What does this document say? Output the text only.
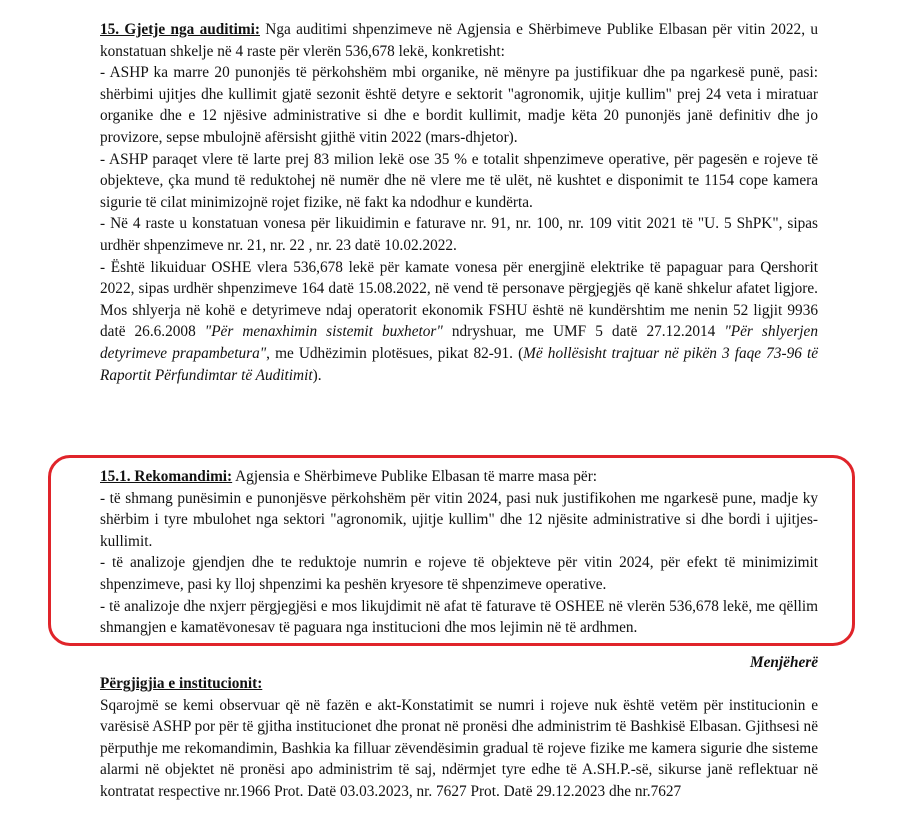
15. Gjetje nga auditimi: Nga auditimi shpenzimeve në Agjensia e Shërbimeve Publike Elbasan për vitin 2022, u konstatuan shkelje në 4 raste për vlerën 536,678 lekë, konkretisht:

- ASHP ka marre 20 punonjës të përkohshëm mbi organike, në mënyre pa justifikuar dhe pa ngarkesë punë, pasi: shërbimi ujitjes dhe kullimit gjatë sezonit është detyre e sektorit "agronomik, ujitje kullim" prej 24 veta i miratuar organike dhe e 12 njësive administrative si dhe e bordit kullimit, madje këta 20 punonjës janë definitiv dhe jo provizore, sepse mbulojnë afërsisht gjithë vitin 2022 (mars-dhjetor).

- ASHP paraqet vlere të larte prej 83 milion lekë ose 35 % e totalit shpenzimeve operative, për pagesën e rojeve të objekteve, çka mund të reduktohej në numër dhe në vlere me të ulët, në kushtet e disponimit te 1154 cope kamera sigurie të cilat minimizojnë rojet fizike, në fakt ka ndodhur e kundërta.

- Në 4 raste u konstatuan vonesa për likuidimin e faturave nr. 91, nr. 100, nr. 109 vitit 2021 të "U. 5 ShPK", sipas urdhër shpenzimeve nr. 21, nr. 22 , nr. 23 datë 10.02.2022.

- Është likuiduar OSHE vlera 536,678 lekë për kamate vonesa për energjinë elektrike të papaguar para Qershorit 2022, sipas urdhër shpenzimeve 164 datë 15.08.2022, në vend të personave përgjegjës që kanë shkelur afatet ligjore. Mos shlyerja në kohë e detyrimeve ndaj operatorit ekonomik FSHU është në kundërshtim me nenin 52 ligjit 9936 datë 26.6.2008 "Për menaxhimin sistemit buxhetor" ndryshuar, me UMF 5 datë 27.12.2014 "Për shlyerjen detyrimeve prapambetura", me Udhëzimin plotësues, pikat 82-91. (Më hollësisht trajtuar në pikën 3 faqe 73-96 të Raportit Përfundimtar të Auditimit).

15.1. Rekomandimi: Agjensia e Shërbimeve Publike Elbasan të marre masa për:

- të shmang punësimin e punonjësve përkohshëm për vitin 2024, pasi nuk justifikohen me ngarkesë pune, madje ky shërbim i tyre mbulohet nga sektori "agronomik, ujitje kullim" dhe 12 njësite administrative si dhe bordi i ujitjes-kullimit.

- të analizoje gjendjen dhe te reduktoje numrin e rojeve të objekteve për vitin 2024, për efekt të minimizimit shpenzimeve, pasi ky lloj shpenzimi ka peshën kryesore të shpenzimeve operative.

- të analizoje dhe nxjerr përgjegjësi e mos likujdimit në afat të faturave të OSHEE në vlerën 536,678 lekë, me qëllim shmangjen e kamatëvonesav të paguara nga institucioni dhe mos lejimin në të ardhmen.

Menjëherë

Përgjigjia e institucionit:

Sqarojmë se kemi observuar që në fazën e akt-Konstatimit se numri i rojeve nuk është vetëm për institucionin e varësisë ASHP por për të gjitha institucionet dhe pronat në pronësi dhe administrim të Bashkisë Elbasan. Gjithsesi në përputhje me rekomandimin, Bashkia ka filluar zëvendësimin gradual të rojeve fizike me kamera sigurie dhe sisteme alarmi në objektet në pronësi apo administrim të saj, ndërmjet tyre edhe të A.SH.P.-së, sikurse janë reflektuar në kontratat respective nr.1966 Prot. Datë 03.03.2023, nr. 7627 Prot. Datë 29.12.2023 dhe nr.7627
